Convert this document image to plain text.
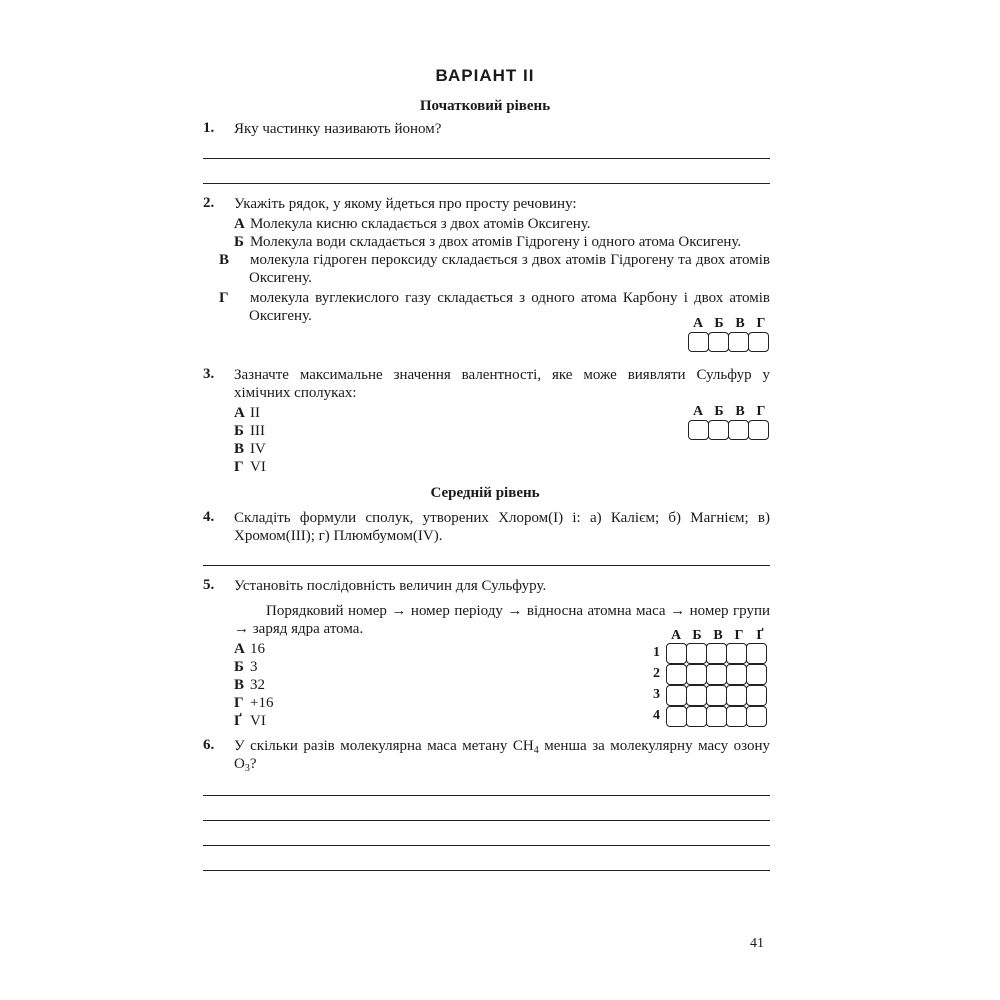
ВАРІАНТ ІІ
Початковий рівень
1. Яку частинку називають йоном?
2. Укажіть рядок, у якому йдеться про просту речовину:
А Молекула кисню складається з двох атомів Оксигену.
Б Молекула води складається з двох атомів Гідрогену і одного атома Оксигену.
В молекула гідроген пероксиду складається з двох атомів Гідрогену та двох атомів Оксигену.
Г молекула вуглекислого газу складається з одного атома Карбону і двох атомів Оксигену.	А Б В Г
3. Зазначте максимальне значення валентності, яке може виявляти Сульфур у хімічних сполуках:
А ІІ
Б ІІІ
В IV
Г VI
А Б В Г
Середній рівень
4. Складіть формули сполук, утворених Хлором(І) і: а) Калієм; б) Магнієм; в) Хромом(ІІІ); г) Плюмбумом(IV).
5. Установіть послідовність величин для Сульфуру.
Порядковий номер → номер періоду → відносна атомна маса → номер групи → заряд ядра атома.
А 16
Б 3
В 32
Г +16
Ґ VI
А Б В Г Ґ
1
2
3
4
6. У скільки разів молекулярна маса метану $CH_4$ менша за молекулярну масу озону $O_3$?
41
